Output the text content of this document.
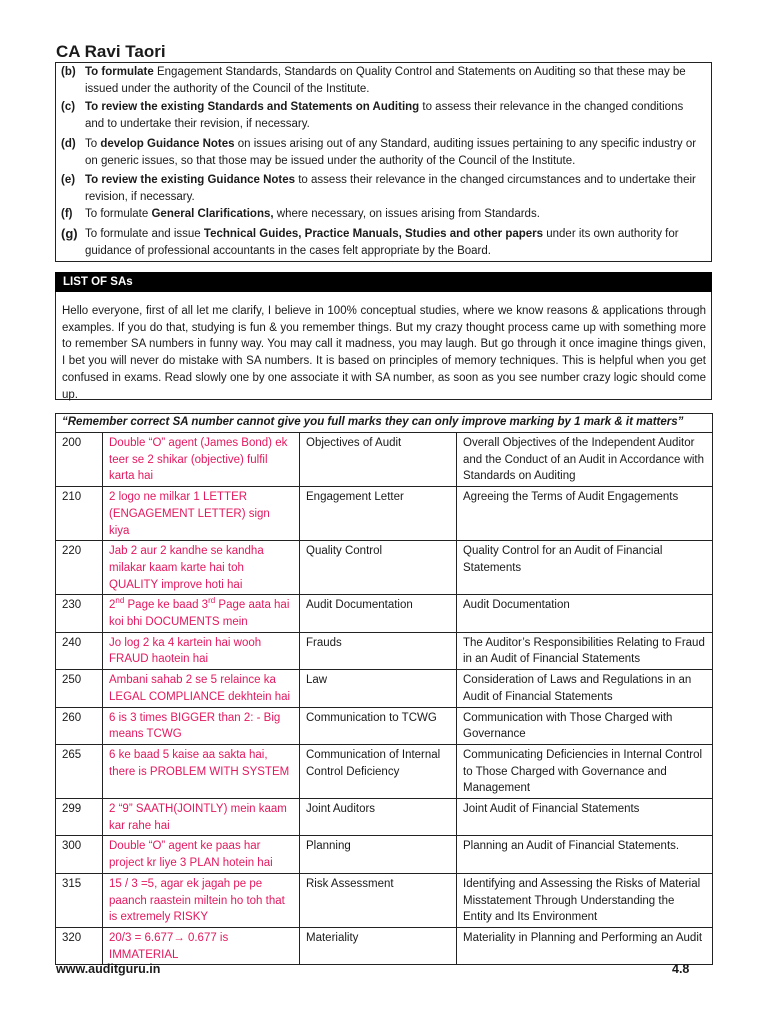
CA Ravi Taori

(b) To formulate Engagement Standards, Standards on Quality Control and Statements on Auditing so that these may be issued under the authority of the Council of the Institute.

(c) To review the existing Standards and Statements on Auditing to assess their relevance in the changed conditions and to undertake their revision, if necessary.

(d) To develop Guidance Notes on issues arising out of any Standard, auditing issues pertaining to any specific industry or on generic issues, so that those may be issued under the authority of the Council of the Institute.

(e) To review the existing Guidance Notes to assess their relevance in the changed circumstances and to undertake their revision, if necessary.

(f) To formulate General Clarifications, where necessary, on issues arising from Standards.

(g) To formulate and issue Technical Guides, Practice Manuals, Studies and other papers under its own authority for guidance of professional accountants in the cases felt appropriate by the Board.

LIST OF SAs

Hello everyone, first of all let me clarify, I believe in 100% conceptual studies, where we know reasons & applications through examples. If you do that, studying is fun & you remember things. But my crazy thought process came up with something more to remember SA numbers in funny way. You may call it madness, you may laugh. But go through it once imagine things given, I bet you will never do mistake with SA numbers. It is based on principles of memory techniques. This is helpful when you get confused in exams. Read slowly one by one associate it with SA number, as soon as you see number crazy logic should come up.

“Remember correct SA number cannot give you full marks they can only improve marking by 1 mark & it matters”			
200	Double “O” agent (James Bond) ek teer se 2 shikar (objective) fulfil karta hai	Objectives of Audit	Overall Objectives of the Independent Auditor and the Conduct of an Audit in Accordance with Standards on Auditing
210	2 logo ne milkar 1 LETTER (ENGAGEMENT LETTER) sign kiya	Engagement Letter	Agreeing the Terms of Audit Engagements
220	Jab 2 aur 2 kandhe se kandha milakar kaam karte hai toh QUALITY improve hoti hai	Quality Control	Quality Control for an Audit of Financial Statements
230	2nd Page ke baad 3rd Page aata hai koi bhi DOCUMENTS mein	Audit Documentation	Audit Documentation
240	Jo log 2 ka 4 kartein hai wooh FRAUD haotein hai	Frauds	The Auditor’s Responsibilities Relating to Fraud in an Audit of Financial Statements
250	Ambani sahab 2 se 5 relaince ka LEGAL COMPLIANCE dekhtein hai	Law	Consideration of Laws and Regulations in an Audit of Financial Statements
260	6 is 3 times BIGGER than 2: - Big means TCWG	Communication to TCWG	Communication with Those Charged with Governance
265	6 ke baad 5 kaise aa sakta hai, there is PROBLEM WITH SYSTEM	Communication of Internal Control Deficiency	Communicating Deficiencies in Internal Control to Those Charged with Governance and Management
299	2 “9” SAATH(JOINTLY) mein kaam kar rahe hai	Joint Auditors	Joint Audit of Financial Statements
300	Double “O” agent ke paas har project kr liye 3 PLAN hotein hai	Planning	Planning an Audit of Financial Statements.
315	15 / 3 =5, agar ek jagah pe pe paanch raastein miltein ho toh that is extremely RISKY	Risk Assessment	Identifying and Assessing the Risks of Material Misstatement Through Understanding the Entity and Its Environment
320	20/3 = 6.677→ 0.677 is IMMATERIAL	Materiality	Materiality in Planning and Performing an Audit

www.auditguru.in	4.8
